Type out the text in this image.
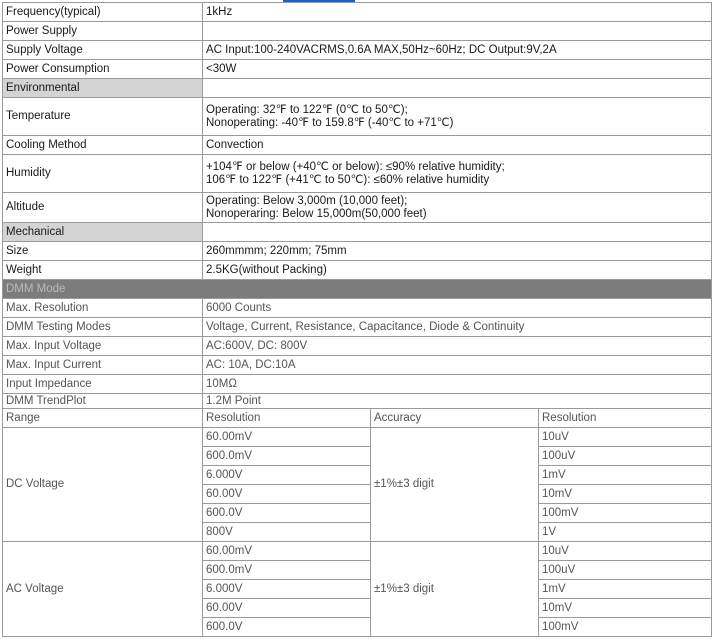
Frequency(typical)	1kHz		
Power Supply			
Supply Voltage	AC Input:100-240VACRMS,0.6A MAX,50Hz~60Hz; DC Output:9V,2A		
Power Consumption	<30W		
Environmental			
Temperature	Operating: 32℉ to 122℉ (0℃ to 50℃);
Nonoperating: -40℉ to 159.8℉ (-40℃ to +71℃)		

Cooling Method	Convection		
Humidity	+104℉ or below (+40℃ or below): ≤90% relative humidity;
106℉ to 122℉ (+41℃ to 50℃): ≤60% relative humidity		

Altitude	Operating: Below 3,000m (10,000 feet);
Nonoperaring: Below 15,000m(50,000 feet)		

Mechanical			
Size	260mmmm; 220mm; 75mm		
Weight	2.5KG(without Packing)		
DMM Mode			
Max. Resolution	6000 Counts		
DMM Testing Modes	Voltage, Current, Resistance, Capacitance, Diode & Continuity		
Max. Input Voltage	AC:600V, DC: 800V		
Max. Input Current	AC: 10A, DC:10A		
Input Impedance	10MΩ		
DMM TrendPlot	1.2M Point		
Range	Resolution	Accuracy	Resolution
DC Voltage	60.00mV	±1%±3 digit	10uV
	600.0mV		100uV
	6.000V		1mV
	60.00V		10mV
	600.0V		100mV
	800V		1V
AC Voltage	60.00mV	±1%±3 digit	10uV
	600.0mV		100uV
	6.000V		1mV
	60.00V		10mV
	600.0V		100mV
